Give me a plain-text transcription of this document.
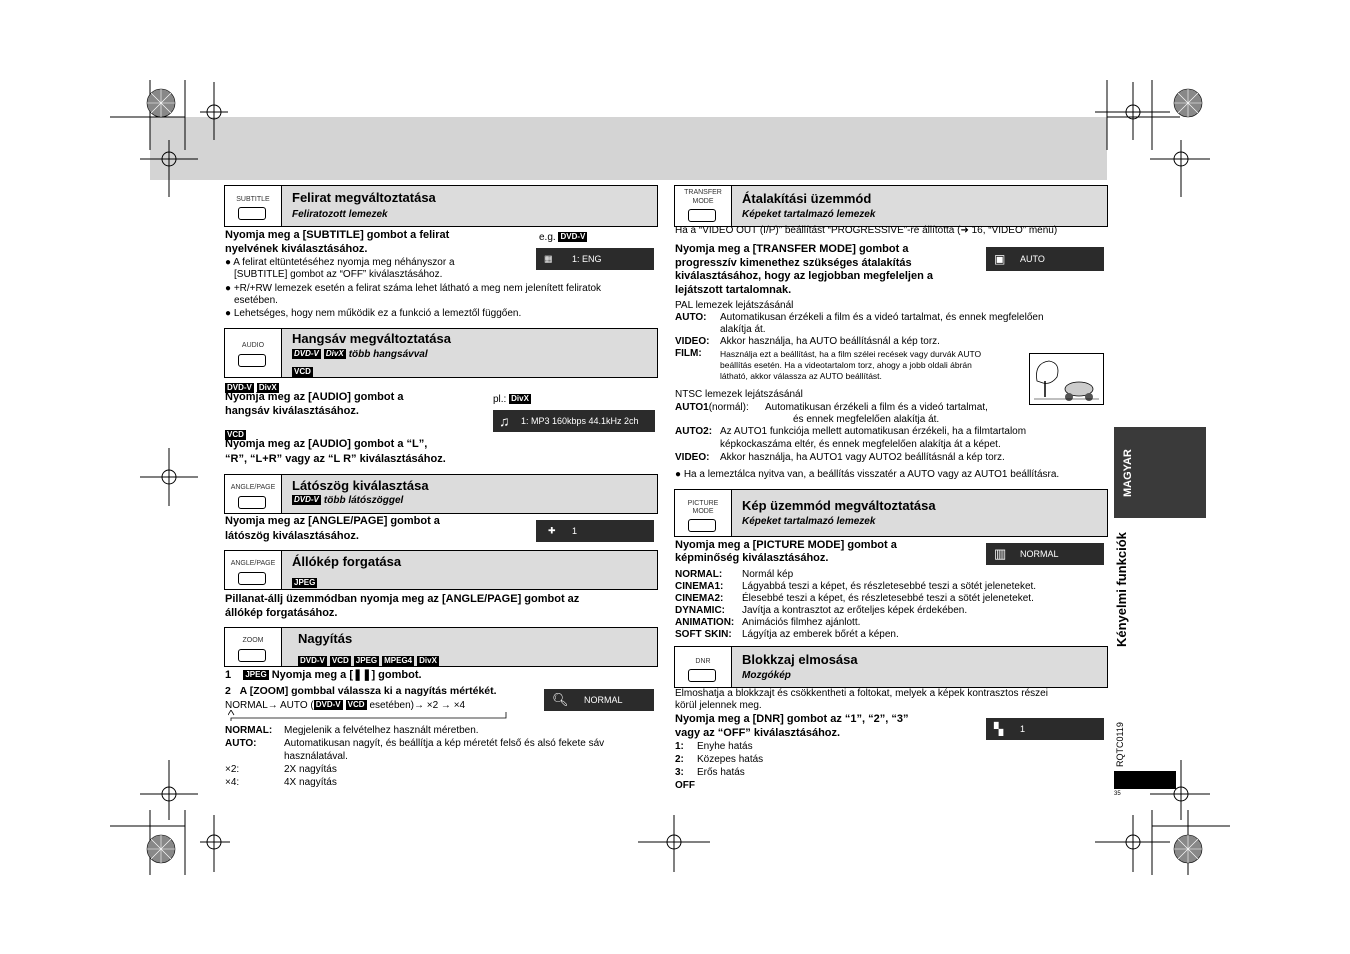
SUBTITLE	Felirat megváltoztatása
Feliratozott lemezek
Nyomja meg a [SUBTITLE] gombot a felirat
nyelvének kiválasztásához.
e.g. DVD-V
▦ 1: ENG
● A felirat eltüntetéséhez nyomja meg néhányszor a
[SUBTITLE] gombot az “OFF” kiválasztásához.
● +R/+RW lemezek esetén a felirat száma lehet látható a meg nem jelenített feliratok
esetében.
● Lehetséges, hogy nem működik ez a funkció a lemeztől függően.
AUDIO	Hangsáv megváltoztatása
DVD-V DivX több hangsávval
VCD
DVD-V DivX
Nyomja meg az [AUDIO] gombot a
hangsáv kiválasztásához.
pl.: DivX
♫ 1: MP3 160kbps 44.1kHz 2ch
VCD
Nyomja meg az [AUDIO] gombot a “L”,
“R”, “L+R” vagy az “L R” kiválasztásához.
ANGLE/PAGE	Látószög kiválasztása
DVD-V több látószöggel
Nyomja meg az [ANGLE/PAGE] gombot a
látószög kiválasztásához.	✚ 1
ANGLE/PAGE	Állókép forgatása
JPEG
Pillanat-állj üzemmódban nyomja meg az [ANGLE/PAGE] gombot az
állókép forgatásához.
ZOOM	Nagyítás
DVD-V VCD JPEG MPEG4 DivX
1 JPEG Nyomja meg a [❚❚] gombot.
2 A [ZOOM] gombbal válassza ki a nagyítás mértékét.
🔍︎ NORMAL
NORMAL→ AUTO ( DVD-V VCD esetében)→ ×2 → ×4
NORMAL: Megjelenik a felvételhez használt méretben.
AUTO:	Automatikusan nagyít, és beállítja a kép méretét felső és alsó fekete sáv
használatával.
×2:	2X nagyítás
×4:	4X nagyítás
TRANSFER
MODE	Átalakítási üzemmód
Képeket tartalmazó lemezek
Ha a “VIDEO OUT (I/P)” beállítást “PROGRESSIVE”-re állította (➜ 16, “VIDEO” menü)
Nyomja meg a [TRANSFER MODE] gombot a
progresszív kimenethez szükséges átalakítás
kiválasztásához, hogy az legjobban megfeleljen a
lejátszott tartalomnak.
▣ AUTO
PAL lemezek lejátszásánál
AUTO: Automatikusan érzékeli a film és a videó tartalmat, és ennek megfelelően
alakítja át.
VIDEO: Akkor használja, ha AUTO beállításnál a kép torz.
FILM: Használja ezt a beállítást, ha a film szélei recések vagy durvák AUTO
beállítás esetén. Ha a videotartalom torz, ahogy a jobb oldali ábrán
látható, akkor válassza az AUTO beállítást.
NTSC lemezek lejátszásánál
AUTO1(normál): Automatikusan érzékeli a film és a videó tartalmat,
és ennek megfelelően alakítja át.
AUTO2: Az AUTO1 funkciója mellett automatikusan érzékeli, ha a filmtartalom
képkockaszáma eltér, és ennek megfelelően alakítja át a képet.
VIDEO: Akkor használja, ha AUTO1 vagy AUTO2 beállításnál a kép torz.
● Ha a lemeztálca nyitva van, a beállítás visszatér a AUTO vagy az AUTO1 beállításra.
PICTURE
MODE	Kép üzemmód megváltoztatása
Képeket tartalmazó lemezek
Nyomja meg a [PICTURE MODE] gombot a
képminőség kiválasztásához.	▥ NORMAL
NORMAL: Normál kép
CINEMA1: Lágyabbá teszi a képet, és részletesebbé teszi a sötét jeleneteket.
CINEMA2: Élesebbé teszi a képet, és részletesebbé teszi a sötét jeleneteket.
DYNAMIC: Javítja a kontrasztot az erőteljes képek érdekében.
ANIMATION: Animációs filmhez ajánlott.
SOFT SKIN: Lágyítja az emberek bőrét a képen.
DNR	Blokkzaj elmosása
Mozgókép
Elmoshatja a blokkzajt és csökkentheti a foltokat, melyek a képek kontrasztos részei
körül jelennek meg.
Nyomja meg a [DNR] gombot az “1”, “2”, “3”
vagy az “OFF” kiválasztásához.	▚ 1
1: Enyhe hatás
2: Közepes hatás
3: Erős hatás
OFF
MAGYAR
Kényelmi funkciók
RQTC0119
35
